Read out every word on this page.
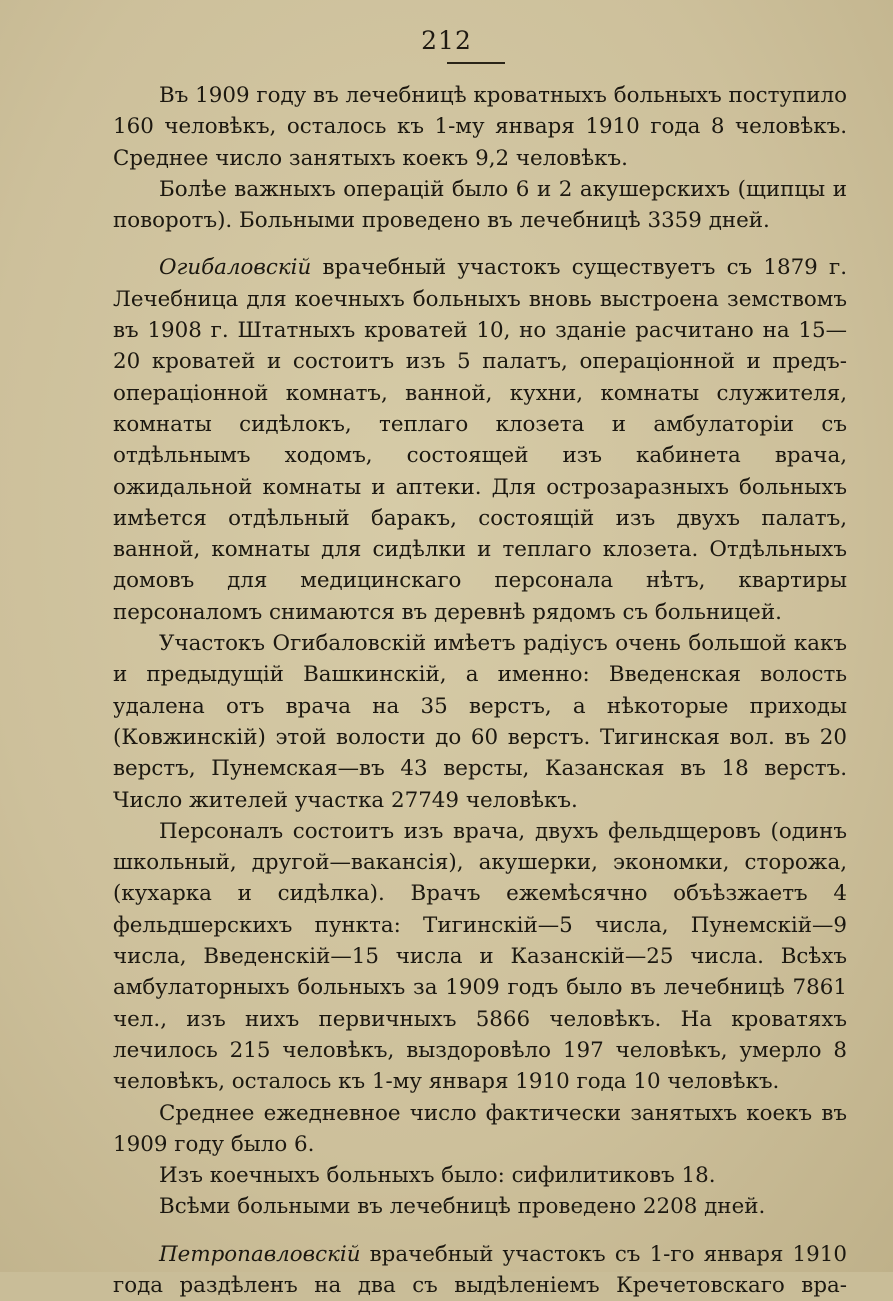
212

Въ 1909 году въ лечебницѣ кроватныхъ больныхъ поступило 160 человѣкъ, осталось къ 1-му января 1910 года 8 человѣкъ. Среднее число занятыхъ коекъ 9,2 человѣкъ.

Болѣе важныхъ операцій было 6 и 2 акушерскихъ (щипцы и поворотъ). Больными проведено въ лечебницѣ 3359 дней.

Огибаловскій врачебный участокъ существуетъ съ 1879 г. Лечебница для коечныхъ больныхъ вновь выстроена земствомъ въ 1908 г. Штатныхъ кроватей 10, но зданіе расчитано на 15—20 кроватей и состоитъ изъ 5 палатъ, операціонной и предъ-операціонной комнатъ, ванной, кухни, комнаты служителя, комнаты сидѣлокъ, теплаго клозета и амбулаторіи съ отдѣльнымъ ходомъ, состоящей изъ кабинета врача, ожидальной комнаты и аптеки. Для острозаразныхъ больныхъ имѣется отдѣльный баракъ, состоящій изъ двухъ палатъ, ванной, комнаты для сидѣлки и теплаго клозета. Отдѣльныхъ домовъ для медицинскаго персонала нѣтъ, квартиры персоналомъ снимаются въ деревнѣ рядомъ съ больницей.

Участокъ Огибаловскій имѣетъ радіусъ очень большой какъ и предыдущій Вашкинскій, а именно: Введенская волость удалена отъ врача на 35 верстъ, а нѣкоторые приходы (Ковжинскій) этой волости до 60 верстъ. Тигинская вол. въ 20 верстъ, Пунемская—въ 43 версты, Казанская въ 18 верстъ. Число жителей участка 27749 человѣкъ.

Персоналъ состоитъ изъ врача, двухъ фельдщеровъ (одинъ школьный, другой—вакансія), акушерки, экономки, сторожа, (кухарка и сидѣлка). Врачъ ежемѣсячно объѣзжаетъ 4 фельдшерскихъ пункта: Тигинскій—5 числа, Пунемскій—9 числа, Введенскій—15 числа и Казанскій—25 числа. Всѣхъ амбулаторныхъ больныхъ за 1909 годъ было въ лечебницѣ 7861 чел., изъ нихъ первичныхъ 5866 человѣкъ. На кроватяхъ лечилось 215 человѣкъ, выздоровѣло 197 человѣкъ, умерло 8 человѣкъ, осталось къ 1-му января 1910 года 10 человѣкъ.

Среднее ежедневное число фактически занятыхъ коекъ въ 1909 году было 6.

Изъ коечныхъ больныхъ было: сифилитиковъ 18.

Всѣми больными въ лечебницѣ проведено 2208 дней.

Петропавловскій врачебный участокъ съ 1-го января 1910 года раздѣленъ на два съ выдѣленіемъ Кречетовскаго вра-
